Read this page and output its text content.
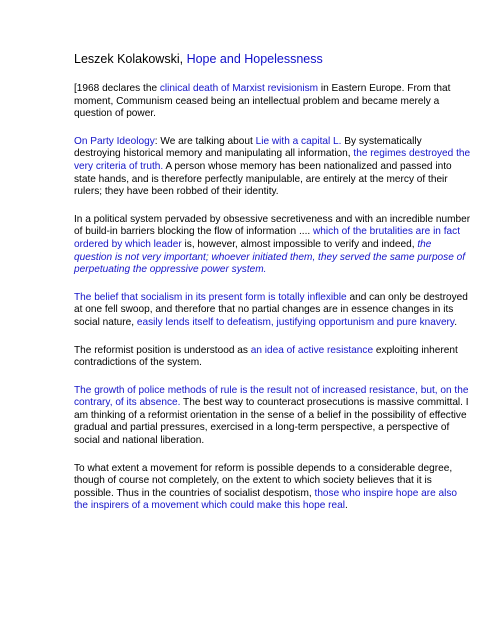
Leszek Kolakowski, Hope and Hopelessness

[1968 declares the clinical death of Marxist revisionism in Eastern Europe. From that moment, Communism ceased being an intellectual problem and became merely a question of power.

On Party Ideology: We are talking about Lie with a capital L. By systematically destroying historical memory and manipulating all information, the regimes destroyed the very criteria of truth. A person whose memory has been nationalized and passed into state hands, and is therefore perfectly manipulable, are entirely at the mercy of their rulers; they have been robbed of their identity.

In a political system pervaded by obsessive secretiveness and with an incredible number of build-in barriers blocking the flow of information .... which of the brutalities are in fact ordered by which leader is, however, almost impossible to verify and indeed, the question is not very important; whoever initiated them, they served the same purpose of perpetuating the oppressive power system.

The belief that socialism in its present form is totally inflexible and can only be destroyed at one fell swoop, and therefore that no partial changes are in essence changes in its social nature, easily lends itself to defeatism, justifying opportunism and pure knavery.

The reformist position is understood as an idea of active resistance exploiting inherent contradictions of the system.

The growth of police methods of rule is the result not of increased resistance, but, on the contrary, of its absence. The best way to counteract prosecutions is massive committal. I am thinking of a reformist orientation in the sense of a belief in the possibility of effective gradual and partial pressures, exercised in a long-term perspective, a perspective of social and national liberation.

To what extent a movement for reform is possible depends to a considerable degree, though of course not completely, on the extent to which society believes that it is possible. Thus in the countries of socialist despotism, those who inspire hope are also the inspirers of a movement which could make this hope real.
